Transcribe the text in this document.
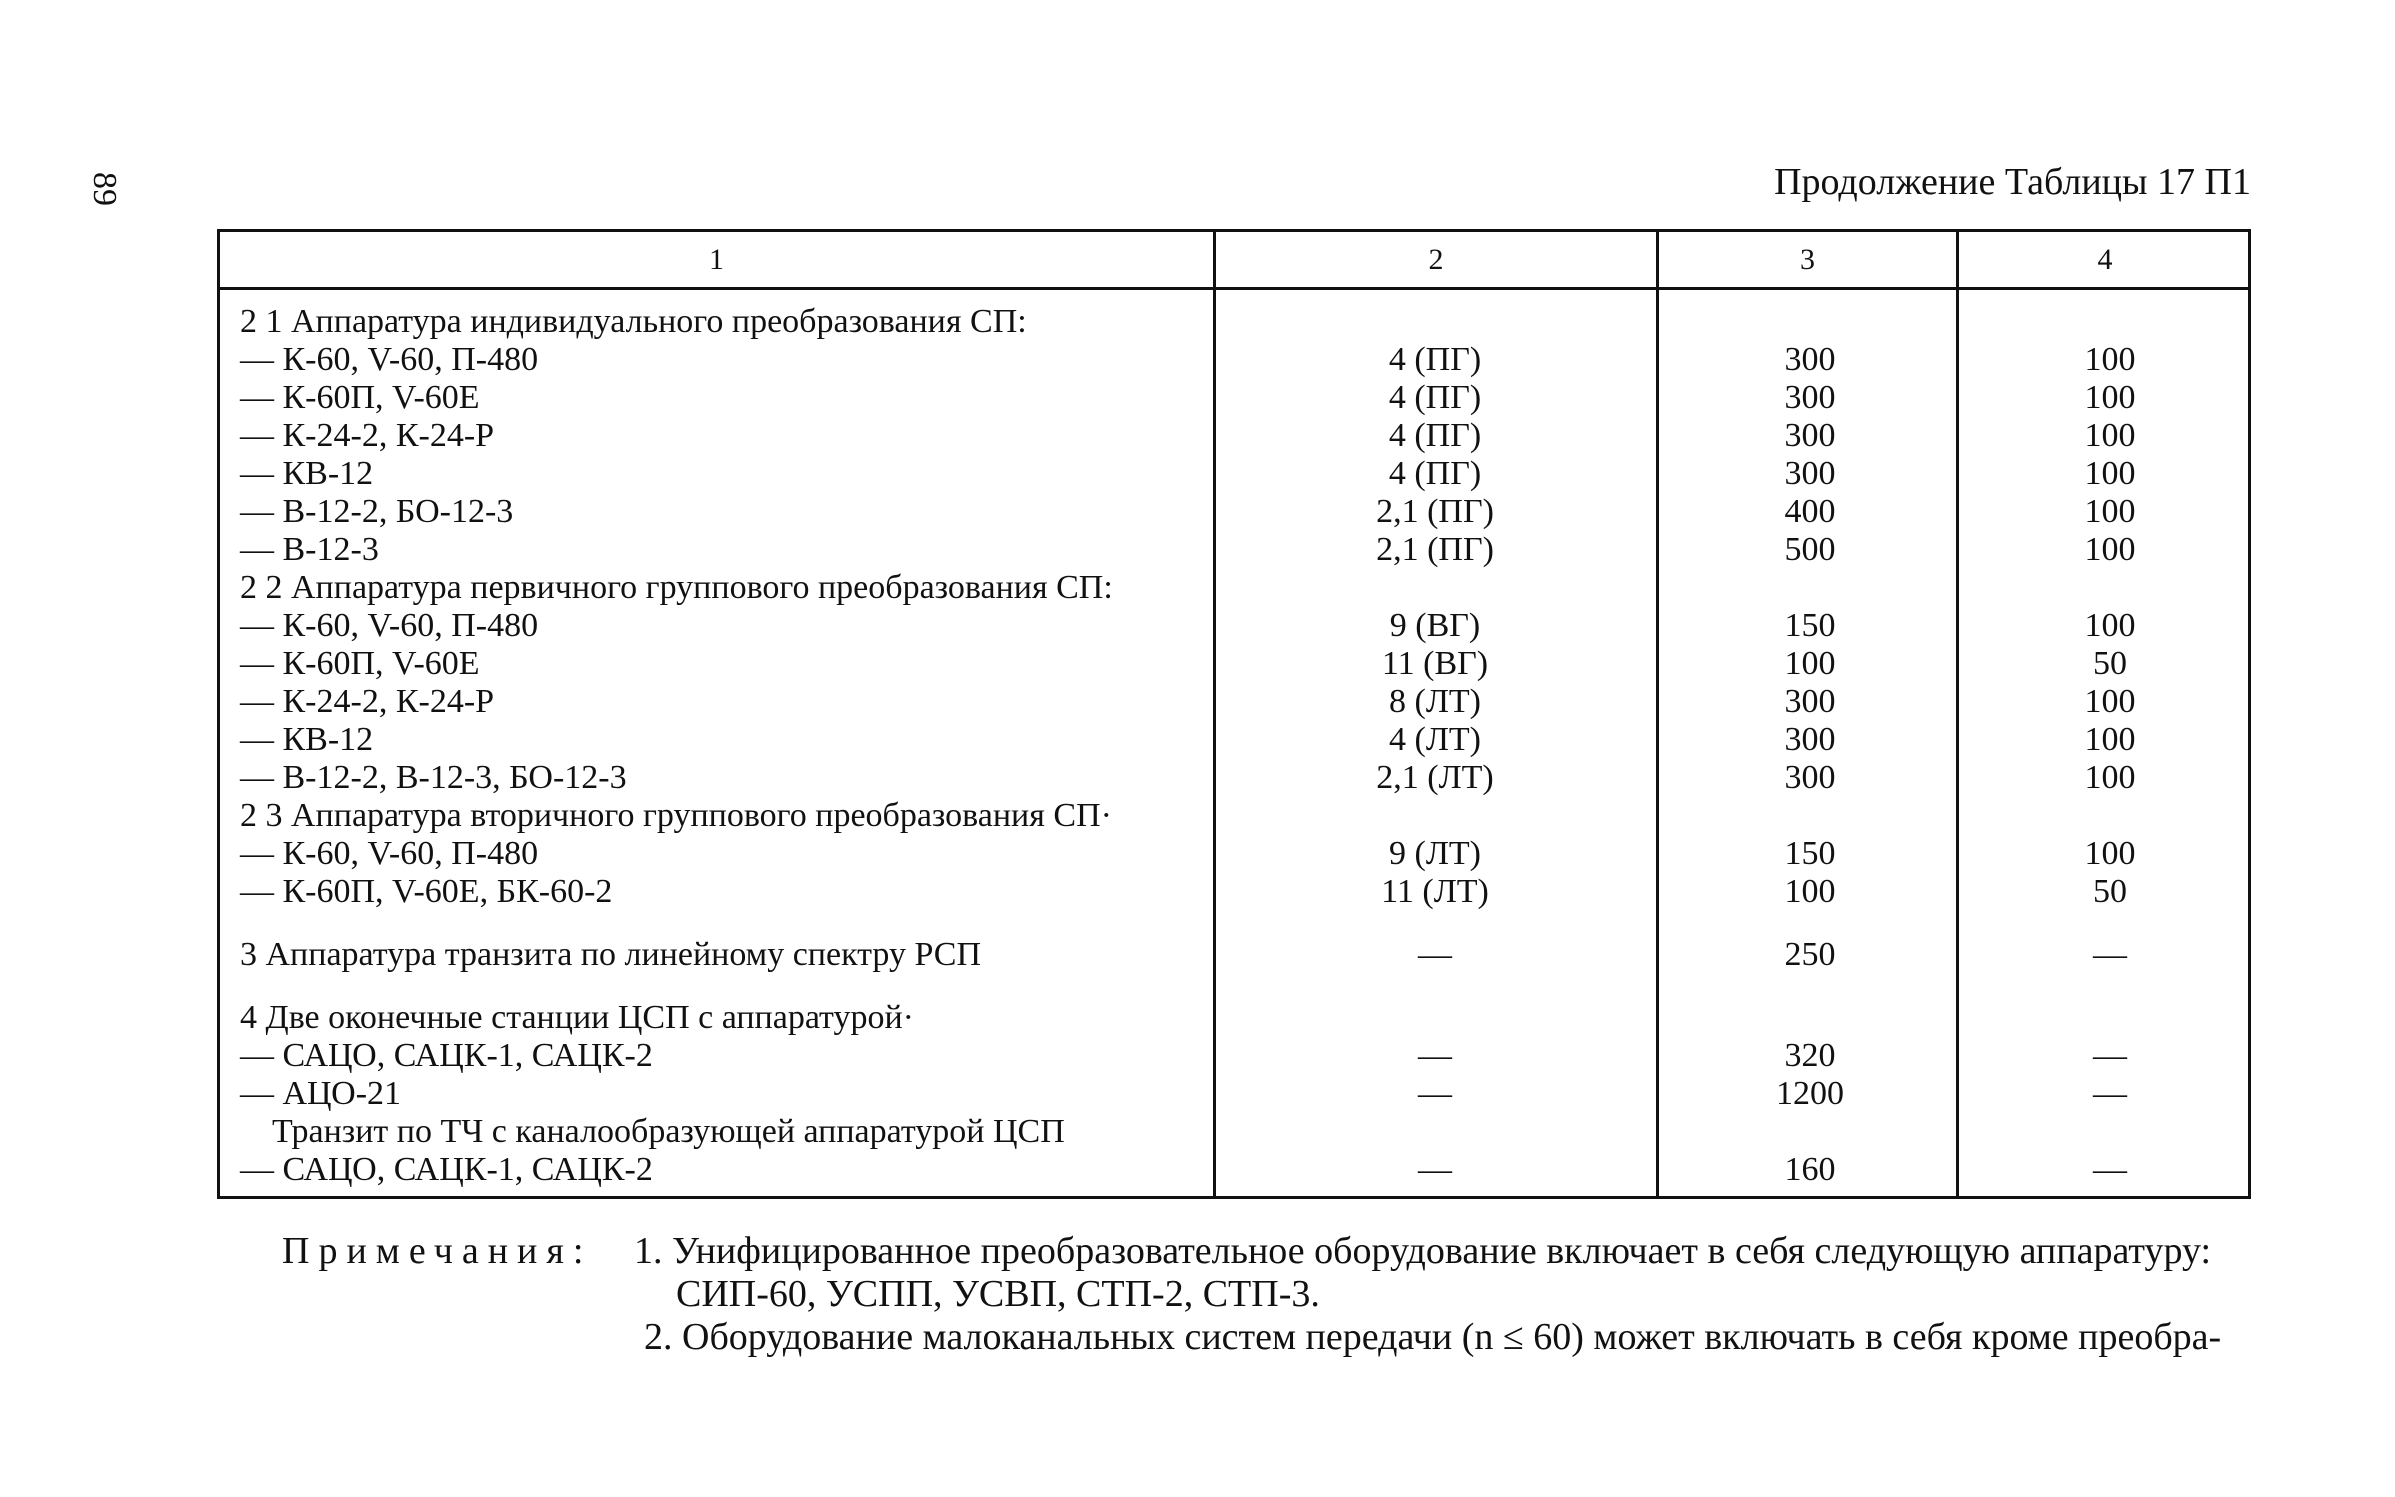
89	Продолжение Таблицы 17 П1
1	2	3	4
2 1 Аппаратура индивидуального преобразования СП:
— К-60, V-60, П-480	4 (ПГ)	300	100
— К-60П, V-60Е	4 (ПГ)	300	100
— К-24-2, К-24-Р	4 (ПГ)	300	100
— КВ-12	4 (ПГ)	300	100
— В-12-2, БО-12-3	2,1 (ПГ)	400	100
— В-12-3	2,1 (ПГ)	500	100
2 2 Аппаратура первичного группового преобразования СП:
— К-60, V-60, П-480	9 (ВГ)	150	100
— К-60П, V-60Е	11 (ВГ)	100	50
— К-24-2, К-24-Р	8 (ЛТ)	300	100
— КВ-12	4 (ЛТ)	300	100
— В-12-2, В-12-3, БО-12-3	2,1 (ЛТ)	300	100
2 3 Аппаратура вторичного группового преобразования СП·
— К-60, V-60, П-480	9 (ЛТ)	150	100
— К-60П, V-60Е, БК-60-2	11 (ЛТ)	100	50
3 Аппаратура транзита по линейному спектру РСП	—	250	—
4 Две оконечные станции ЦСП с аппаратурой·
— САЦО, САЦК-1, САЦК-2	—	320	—
— АЦО-21	—	1200	—
Транзит по ТЧ с каналообразующей аппаратурой ЦСП
— САЦО, САЦК-1, САЦК-2	—	160	—
Примечания: 1. Унифицированное преобразовательное оборудование включает в себя следующую аппаратуру:
СИП-60, УСПП, УСВП, СТП-2, СТП-3.
2. Оборудование малоканальных систем передачи (n ≤ 60) может включать в себя кроме преобра-
